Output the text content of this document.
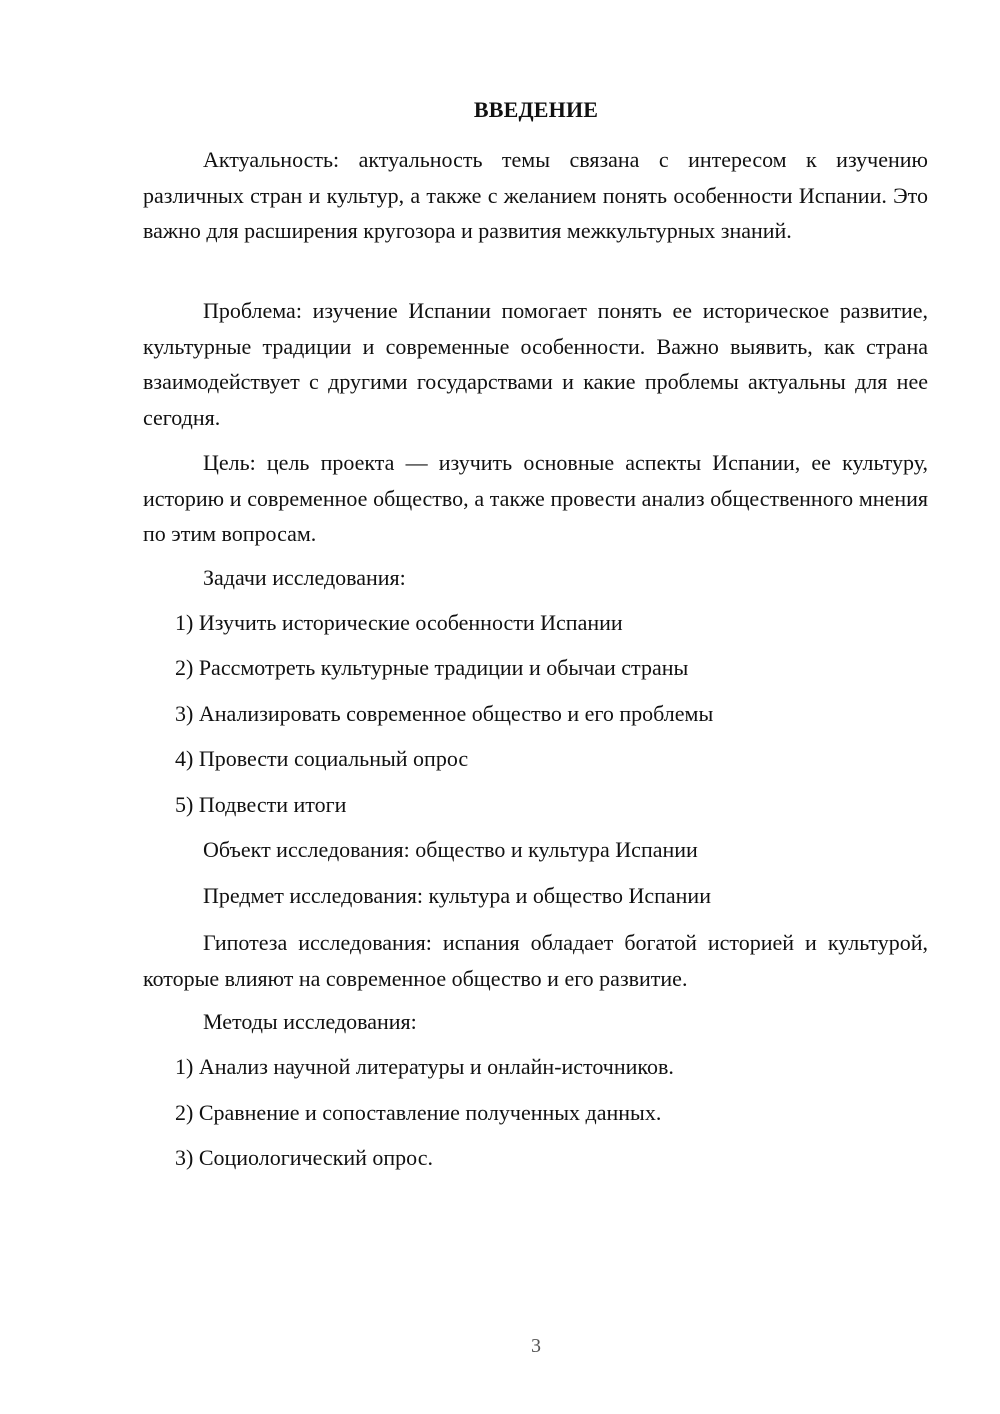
ВВЕДЕНИЕ

Актуальность: актуальность темы связана с интересом к изучению различных стран и культур, а также с желанием понять особенности Испании. Это важно для расширения кругозора и развития межкультурных знаний.

Проблема: изучение Испании помогает понять ее историческое развитие, культурные традиции и современные особенности. Важно выявить, как страна взаимодействует с другими государствами и какие проблемы актуальны для нее сегодня.

Цель: цель проекта — изучить основные аспекты Испании, ее культуру, историю и современное общество, а также провести анализ общественного мнения по этим вопросам.

Задачи исследования:
1) Изучить исторические особенности Испании
2) Рассмотреть культурные традиции и обычаи страны
3) Анализировать современное общество и его проблемы
4) Провести социальный опрос
5) Подвести итоги
Объект исследования: общество и культура Испании
Предмет исследования: культура и общество Испании

Гипотеза исследования: испания обладает богатой историей и культурой, которые влияют на современное общество и его развитие.

Методы исследования:
1) Анализ научной литературы и онлайн-источников.
2) Сравнение и сопоставление полученных данных.
3) Социологический опрос.
3
